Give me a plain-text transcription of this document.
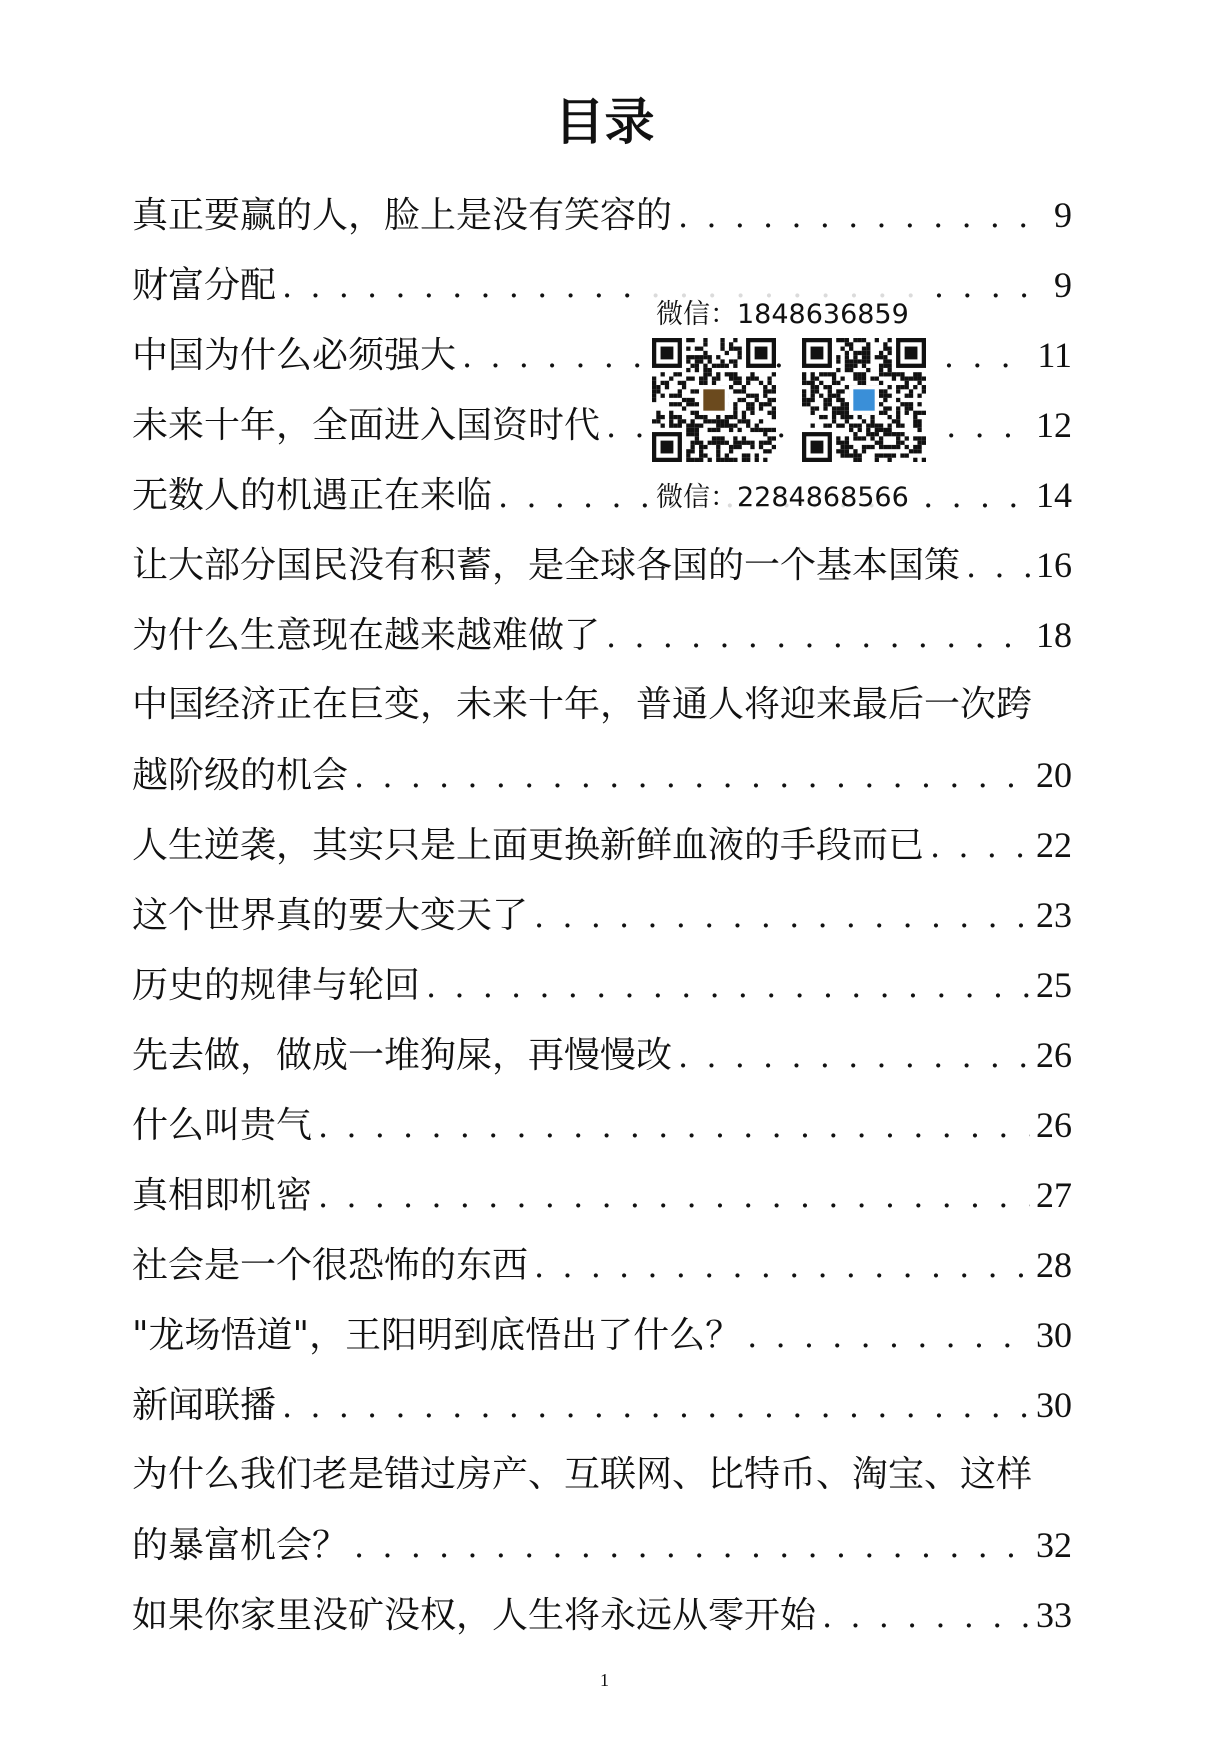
目录
真正要赢的人，脸上是没有笑容的 . . .	9
财富分配 . . .	9
中国为什么必须强大 . . .	11
未来十年，全面进入国资时代 . . .	12
无数人的机遇正在来临 . . .	14
让大部分国民没有积蓄，是全球各国的一个基本国策 . . . 16
为什么生意现在越来越难做了 . . .	18
中国经济正在巨变，未来十年，普通人将迎来最后一次跨
越阶级的机会 . . .	20
人生逆袭，其实只是上面更换新鲜血液的手段而已 . . .	22
这个世界真的要大变天了 . . .	23
历史的规律与轮回 . . .	25
先去做，做成一堆狗屎，再慢慢改 . . .	26
什么叫贵气 . . .	26
真相即机密 . . .	27
社会是一个很恐怖的东西 . . .	28
"龙场悟道"，王阳明到底悟出了什么？ . . .	30
新闻联播 . . .	30
为什么我们老是错过房产、互联网、比特币、淘宝、这样
的暴富机会？ . . .	32
如果你家里没矿没权，人生将永远从零开始 . . .	33
微信：1848636859
微信：2284868566
1
